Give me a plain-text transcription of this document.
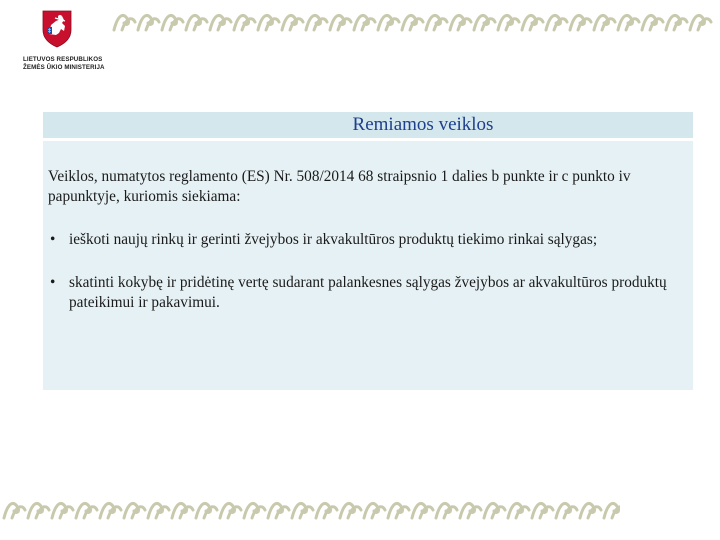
LIETUVOS RESPUBLIKOS
ŽEMĖS ŪKIO MINISTERIJA
Remiamos veiklos

Veiklos, numatytos reglamento (ES) Nr. 508/2014 68 straipsnio 1 dalies b punkte ir c punkto iv papunktyje, kuriomis siekiama:

• ieškoti naujų rinkų ir gerinti žvejybos ir akvakultūros produktų tiekimo rinkai sąlygas;
• skatinti kokybę ir pridėtinę vertę sudarant palankesnes sąlygas žvejybos ar akvakultūros produktų pateikimui ir pakavimui.
